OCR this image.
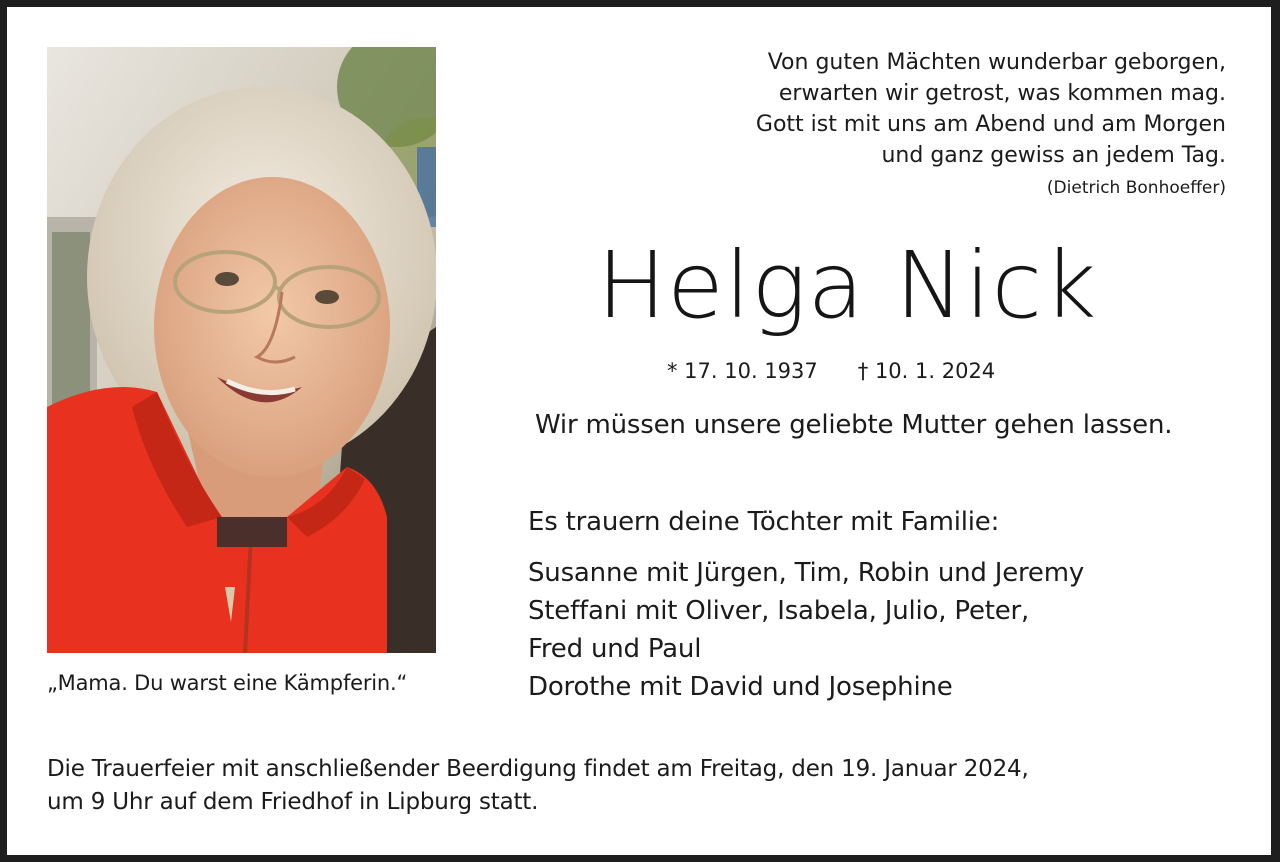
„Mama. Du warst eine Kämpferin.“
Von guten Mächten wunderbar geborgen,
erwarten wir getrost, was kommen mag.
Gott ist mit uns am Abend und am Morgen
und ganz gewiss an jedem Tag.
(Dietrich Bonhoeffer)
Helga Nick
* 17. 10. 1937 † 10. 1. 2024
Wir müssen unsere geliebte Mutter gehen lassen.
Es trauern deine Töchter mit Familie:
Susanne mit Jürgen, Tim, Robin und Jeremy
Steffani mit Oliver, Isabela, Julio, Peter,
Fred und Paul
Dorothe mit David und Josephine
Die Trauerfeier mit anschließender Beerdigung findet am Freitag, den 19. Januar 2024,
um 9 Uhr auf dem Friedhof in Lipburg statt.
